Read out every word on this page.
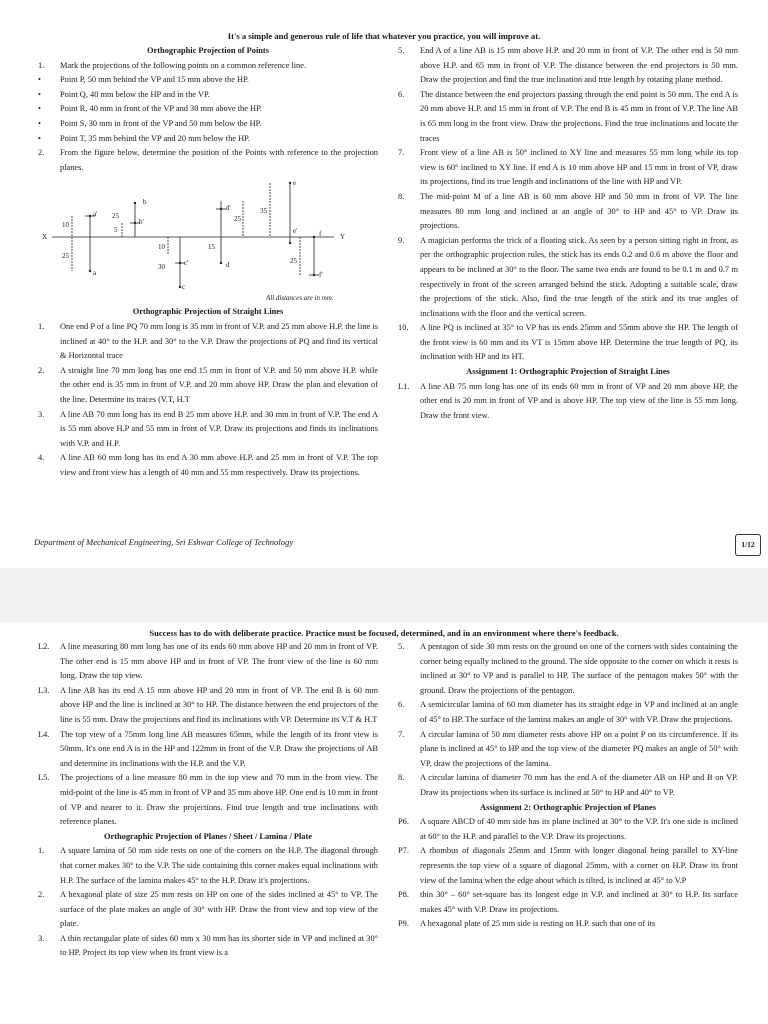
It's a simple and generous rule of life that whatever you practice, you will improve at.
Orthographic Projection of Points
1.	Mark the projections of the following points on a common reference line.
•	Point P, 50 mm behind the VP and 15 mm above the HP.
•	Point Q, 40 mm below the HP and in the VP.
•	Point R, 40 mm in front of the VP and 30 mm above the HP.
•	Point S, 30 mm in front of the VP and 50 mm below the HP.
•	Point T, 35 mm behind the VP and 20 mm below the HP.
2.	From the figure below, determine the position of the Points with reference to the projection planes.
X	Y
a'
a
b
b'
c
c'	d
d'
e
e'	f
f'
10
25
5
25
10
30
15
25
35
25
All distances are in mm.
Orthographic Projection of Straight Lines
1.	One end P of a line PQ 70 mm long is 35 mm in front of V.P. and 25 mm above H.P. the line is inclined at 40° to the H.P. and 30° to the V.P. Draw the projections of PQ and find its vertical & Horizontal trace
2.	A straight line 70 mm long has one end 15 mm in front of V.P. and 50 mm above H.P. while the other end is 35 mm in front of V.P. and 20 mm above HP. Draw the plan and elevation of the line. Determine its traces (V.T, H.T
3.	A line AB 70 mm long has its end B 25 mm above H.P. and 30 mm in front of V.P. The end A is 55 mm above H.P and 55 mm in front of V.P. Draw its projections and finds its inclinations with V.P. and H.P.
4.	A line AB 60 mm long has its end A 30 mm above H.P. and 25 mm in front of V.P. The top view and front view has a length of 40 mm and 55 mm respectively. Draw its projections.
5.	End A of a line AB is 15 mm above H.P. and 20 mm in front of V.P. The other end is 50 mm above H.P. and 65 mm in front of V.P. The distance between the end projectors is 50 mm. Draw the projection and find the true inclination and true length by rotating plane method.
6.	The distance between the end projectors passing through the end point is 50 mm. The end A is 20 mm above H.P. and 15 mm in front of V.P. The end B is 45 mm in front of V.P. The line AB is 65 mm long in the front view. Draw the projections. Find the true inclinations and locate the traces
7.	Front view of a line AB is 50° inclined to XY line and measures 55 mm long while its top view is 60° inclined to XY line. If end A is 10 mm above HP and 15 mm in front of VP, draw its projections, find its true length and inclinations of the line with HP and VP.
8.	The mid-point M of a line AB is 60 mm above HP and 50 mm in front of VP. The line measures 80 mm long and inclined at an angle of 30° to HP and 45° to VP. Draw its projections.
9.	A magician performs the trick of a floating stick. As seen by a person sitting right in front, as per the orthographic projection rules, the stick has its ends 0.2 and 0.6 m above the floor and appears to be inclined at 30° to the floor. The same two ends are found to be 0.1 m and 0.7 m respectively in front of the screen arranged behind the stick. Adopting a suitable scale, draw the projections of the stick. Also, find the true length of the stick and its true angles of inclinations with the floor and the vertical screen.
10.	A line PQ is inclined at 35° to VP has its ends 25mm and 55mm above the HP. The length of the front view is 60 mm and its VT is 15mm above HP. Determine the true length of PQ, its inclination with HP and its HT.
Assignment 1: Orthographic Projection of Straight Lines
L1.	A line AB 75 mm long has one of its ends 60 mm in front of VP and 20 mm above HP, the other end is 20 mm in front of VP and is above HP. The top view of the line is 55 mm long. Draw the front view.
Department of Mechanical Engineering, Sri Eshwar College of Technology	1/12
Success has to do with deliberate practice. Practice must be focused, determined, and in an environment where there's feedback.
L2.	A line measuring 80 mm long has one of its ends 60 mm above HP and 20 mm in front of VP. The other end is 15 mm above HP and in front of VP. The front view of the line is 60 mm long. Draw the top view.
L3.	A line AB has its end A 15 mm above HP and 20 mm in front of VP. The end B is 60 mm above HP and the line is inclined at 30° to HP. The distance between the end projectors of the line is 55 mm. Draw the projections and find its inclinations with VP. Determine its V.T & H.T
L4.	The top view of a 75mm long line AB measures 65mm, while the length of its front view is 50mm. It's one end A is in the HP and 122mm in front of the V.P. Draw the projections of AB and determine its inclinations with the H.P. and the V.P.
L5.	The projections of a line measure 80 mm in the top view and 70 mm in the front view. The mid-point of the line is 45 mm in front of VP and 35 mm above HP. One end is 10 mm in front of VP and nearer to it. Draw the projections. Find true length and true inclinations with reference planes.
Orthographic Projection of Planes / Sheet / Lamina / Plate
1.	A square lamina of 50 mm side rests on one of the corners on the H.P. The diagonal through that corner makes 30° to the V.P. The side containing this corner makes equal inclinations with H.P. The surface of the lamina makes 45° to the H.P. Draw it's projections.
2.	A hexagonal plate of size 25 mm rests on HP on one of the sides inclined at 45° to VP. The surface of the plate makes an angle of 30° with HP. Draw the front view and top view of the plate.
3.	A thin rectangular plate of sides 60 mm x 30 mm has its shorter side in VP and inclined at 30° to HP. Project its top view when its front view is a
5.	A pentagon of side 30 mm rests on the ground on one of the corners with sides containing the corner being equally inclined to the ground. The side opposite to the corner on which it rests is inclined at 30° to VP and is parallel to HP. The surface of the pentagon makes 50° with the ground. Draw the projections of the pentagon.
6.	A semicircular lamina of 60 mm diameter has its straight edge in VP and inclined at an angle of 45° to HP. The surface of the lamina makes an angle of 30° with VP. Draw the projections.
7.	A circular lamina of 50 mm diameter rests above HP on a point P on its circumference. If its plane is inclined at 45° to HP and the top view of the diameter PQ makes an angle of 50° with VP, draw the projections of the lamina.
8.	A circular lamina of diameter 70 mm has the end A of the diameter AB on HP and B on VP. Draw its projections when its surface is inclined at 50° to HP and 40° to VP.
Assignment 2: Orthographic Projection of Planes
P6.	A square ABCD of 40 mm side has its plane inclined at 30° to the V.P. It's one side is inclined at 60° to the H.P. and parallel to the V.P. Draw its projections.
P7.	A rhombus of diagonals 25mm and 15mm with longer diagonal being parallel to XY-line represents the top view of a square of diagonal 25mm, with a corner on H.P. Draw its front view of the lamina when the edge about which is tilted, is inclined at 45° to V.P
P8.	thin 30° – 60° set-square has its longest edge in V.P. and inclined at 30° to H.P. Its surface makes 45° with V.P. Draw its projections.
P9.	A hexagonal plate of 25 mm side is resting on H.P. such that one of its
